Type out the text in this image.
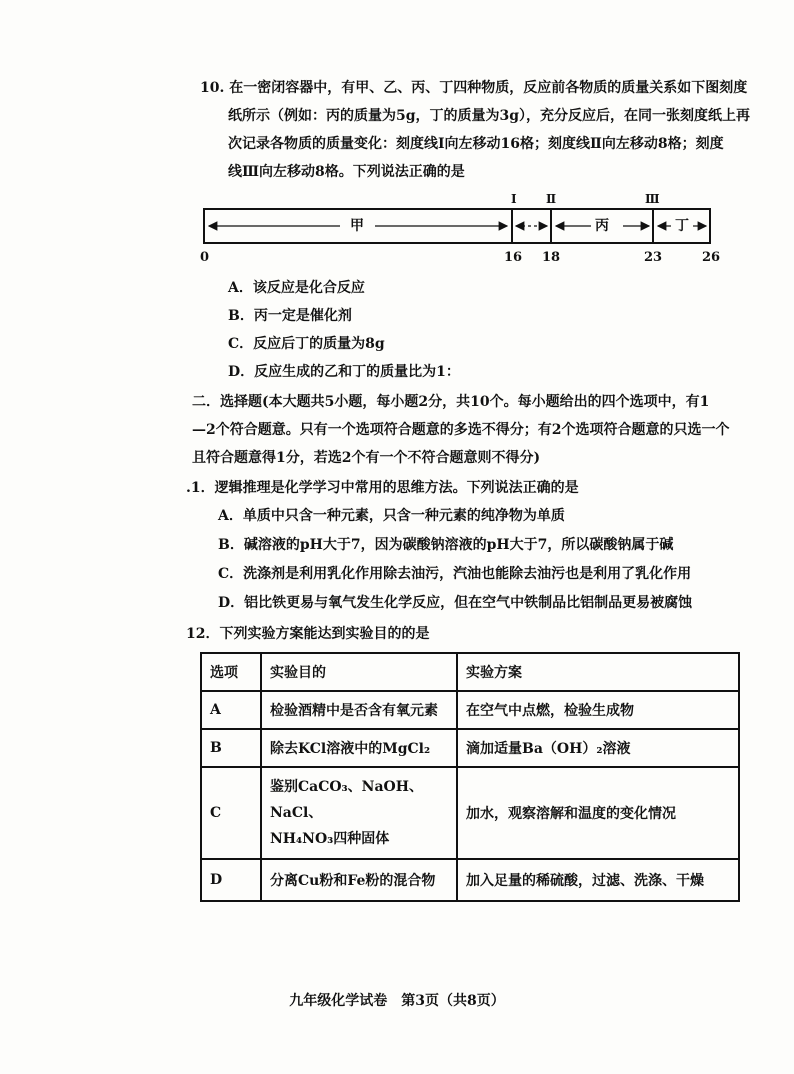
10. 在一密闭容器中，有甲、乙、丙、丁四种物质，反应前各物质的质量关系如下图刻度
纸所示（例如：丙的质量为5g，丁的质量为3g），充分反应后，在同一张刻度纸上再
次记录各物质的质量变化：刻度线Ⅰ向左移动16格；刻度线Ⅱ向左移动8格；刻度
线Ⅲ向左移动8格。下列说法正确的是
Ⅰ Ⅱ	Ⅲ
甲	丙	丁
0	16 18	23	26
A．该反应是化合反应
B．丙一定是催化剂
C．反应后丁的质量为8g
D．反应生成的乙和丁的质量比为1：
二．选择题(本大题共5小题，每小题2分，共10个。每小题给出的四个选项中，有1
—2个符合题意。只有一个选项符合题意的多选不得分；有2个选项符合题意的只选一个
且符合题意得1分，若选2个有一个不符合题意则不得分)
.1．逻辑推理是化学学习中常用的思维方法。下列说法正确的是
A．单质中只含一种元素，只含一种元素的纯净物为单质
B．碱溶液的pH大于7，因为碳酸钠溶液的pH大于7，所以碳酸钠属于碱
C．洗涤剂是利用乳化作用除去油污，汽油也能除去油污也是利用了乳化作用
D．铝比铁更易与氧气发生化学反应，但在空气中铁制品比铝制品更易被腐蚀
12．下列实验方案能达到实验目的的是
选项	实验目的	实验方案
A	检验酒精中是否含有氧元素	在空气中点燃，检验生成物
B	除去KCl溶液中的MgCl₂	滴加适量Ba（OH）₂溶液
C	鉴别CaCO₃、NaOH、NaCl、
NH₄NO₃四种固体	加水，观察溶解和温度的变化情况
D	分离Cu粉和Fe粉的混合物	加入足量的稀硫酸，过滤、洗涤、干燥
九年级化学试卷　第3页（共8页）
